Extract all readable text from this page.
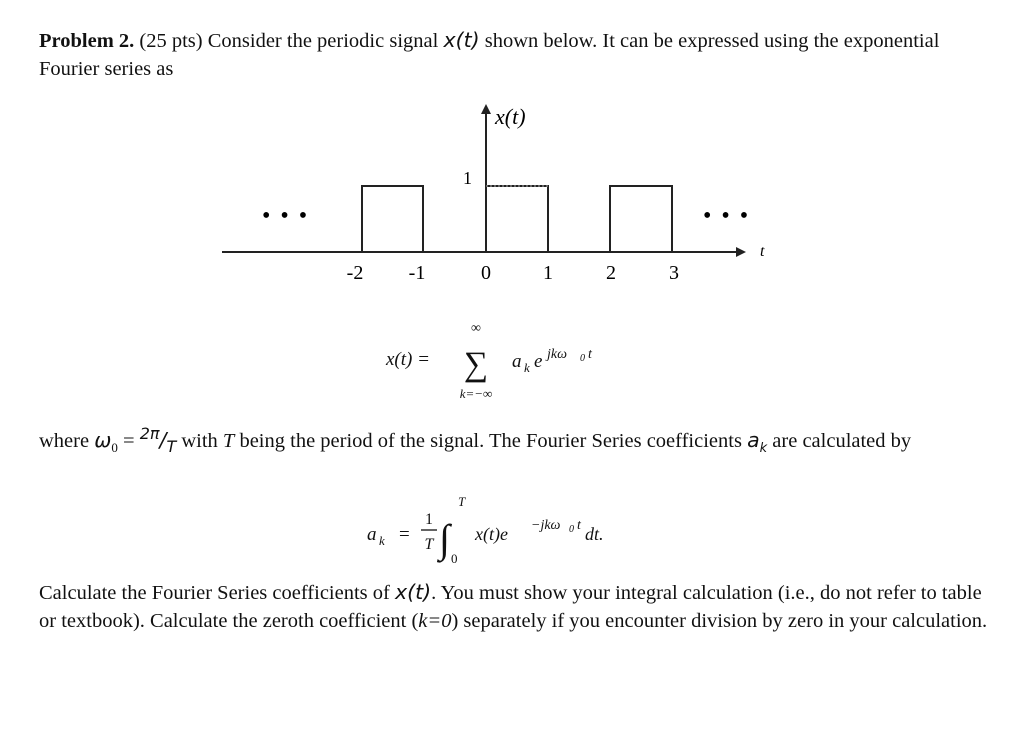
Problem 2. (25 pts) Consider the periodic signal x(t) shown below. It can be expressed using the exponential Fourier series as
x(t)
t
1
• • •	• • •
-2 -1	0	1	2	3
x(t) =
∞
∑
k=−∞
a k e jkω 0 t
where $\omega_0 = ^{2\pi}/_T$ with T being the period of the signal. The Fourier Series coefficients $a_k$ are calculated by
a k =
1
T ∫
T
0
x(t)e −jkω 0 t dt.
Calculate the Fourier Series coefficients of x(t). You must show your integral calculation (i.e., do not refer to table or textbook). Calculate the zeroth coefficient (k=0) separately if you encounter division by zero in your calculation.
